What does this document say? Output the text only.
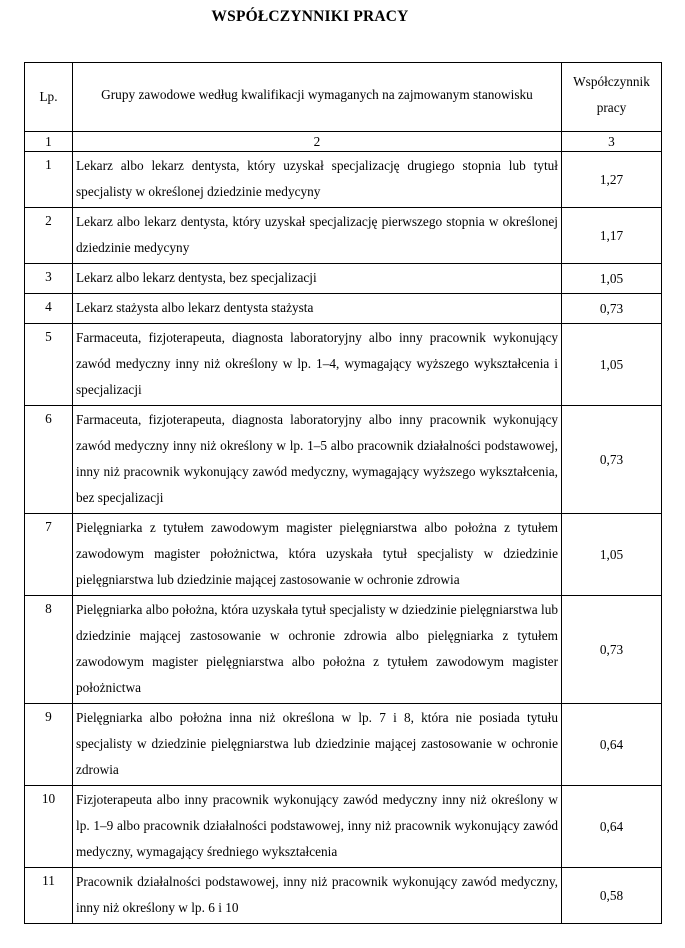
WSPÓŁCZYNNIKI PRACY
Lp.	Grupy zawodowe według kwalifikacji wymaganych na zajmowanym stanowisku	Współczynnik pracy
1	2	3
1	Lekarz albo lekarz dentysta, który uzyskał specjalizację drugiego stopnia lub tytuł specjalisty w określonej dziedzinie medycyny	1,27
2	Lekarz albo lekarz dentysta, który uzyskał specjalizację pierwszego stopnia w określonej dziedzinie medycyny	1,17
3	Lekarz albo lekarz dentysta, bez specjalizacji	1,05
4	Lekarz stażysta albo lekarz dentysta stażysta	0,73
5	Farmaceuta, fizjoterapeuta, diagnosta laboratoryjny albo inny pracownik wykonujący zawód medyczny inny niż określony w lp. 1–4, wymagający wyższego wykształcenia i specjalizacji	1,05
6	Farmaceuta, fizjoterapeuta, diagnosta laboratoryjny albo inny pracownik wykonujący zawód medyczny inny niż określony w lp. 1–5 albo pracownik działalności podstawowej, inny niż pracownik wykonujący zawód medyczny, wymagający wyższego wykształcenia, bez specjalizacji	0,73
7	Pielęgniarka z tytułem zawodowym magister pielęgniarstwa albo położna z tytułem zawodowym magister położnictwa, która uzyskała tytuł specjalisty w dziedzinie pielęgniarstwa lub dziedzinie mającej zastosowanie w ochronie zdrowia	1,05
8	Pielęgniarka albo położna, która uzyskała tytuł specjalisty w dziedzinie pielęgniarstwa lub dziedzinie mającej zastosowanie w ochronie zdrowia albo pielęgniarka z tytułem zawodowym magister pielęgniarstwa albo położna z tytułem zawodowym magister położnictwa	0,73
9	Pielęgniarka albo położna inna niż określona w lp. 7 i 8, która nie posiada tytułu specjalisty w dziedzinie pielęgniarstwa lub dziedzinie mającej zastosowanie w ochronie zdrowia	0,64
10	Fizjoterapeuta albo inny pracownik wykonujący zawód medyczny inny niż określony w lp. 1–9 albo pracownik działalności podstawowej, inny niż pracownik wykonujący zawód medyczny, wymagający średniego wykształcenia	0,64
11	Pracownik działalności podstawowej, inny niż pracownik wykonujący zawód medyczny, inny niż określony w lp. 6 i 10	0,58
